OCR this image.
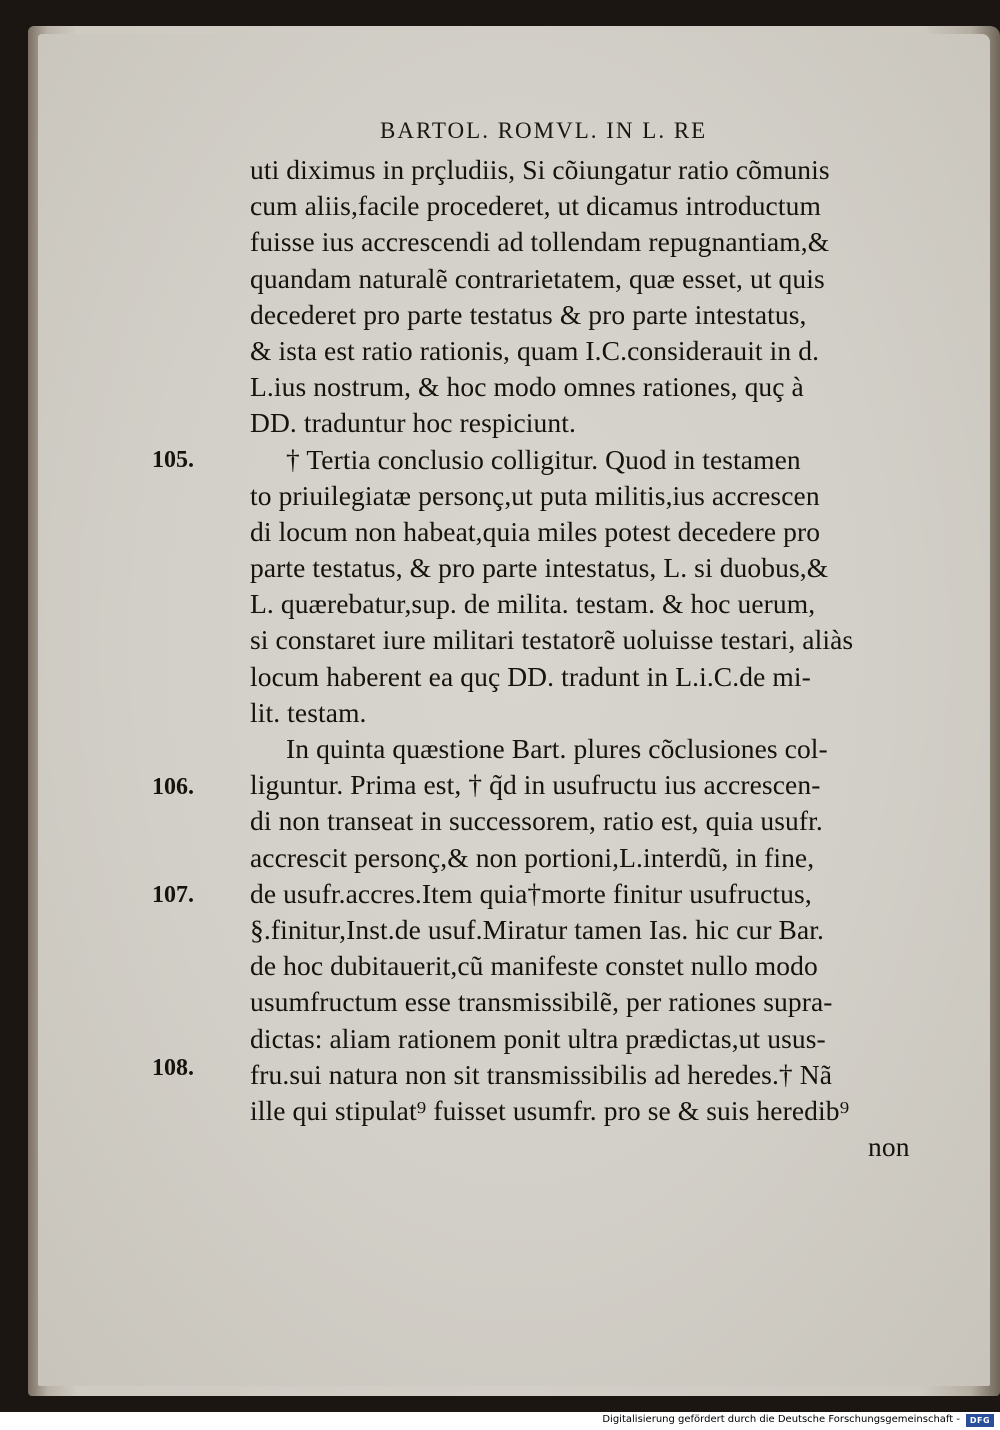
BARTOL. ROMVL. IN L. RE
105.
106.
107.
108.
uti diximus in prçludiis, Si cõiungatur ratio cõmunis
cum aliis,facile procederet, ut dicamus introductum
fuisse ius accrescendi ad tollendam repugnantiam,&
quandam naturalẽ contrarietatem, quæ esset, ut quis
decederet pro parte testatus & pro parte intestatus,
& ista est ratio rationis, quam I.C.considerauit in d.
L.ius nostrum, & hoc modo omnes rationes, quç à
DD. traduntur hoc respiciunt.
† Tertia conclusio colligitur. Quod in testamen
to priuilegiatæ personç,ut puta militis,ius accrescen
di locum non habeat,quia miles potest decedere pro
parte testatus, & pro parte intestatus, L. si duobus,&
L. quærebatur,sup. de milita. testam. & hoc uerum,
si constaret iure militari testatorẽ uoluisse testari, aliàs
locum haberent ea quç DD. tradunt in L.i.C.de mi-
lit. testam.
In quinta quæstione Bart. plures cõclusiones col-
liguntur. Prima est, † q̃d in usufructu ius accrescen-
di non transeat in successorem, ratio est, quia usufr.
accrescit personç,& non portioni,L.interdũ, in fine,
de usufr.accres.Item quia†morte finitur usufructus,
§.finitur,Inst.de usuf.Miratur tamen Ias. hic cur Bar.
de hoc dubitauerit,cũ manifeste constet nullo modo
usumfructum esse transmissibilẽ, per rationes supra-
dictas: aliam rationem ponit ultra prædictas,ut usus-
fru.sui natura non sit transmissibilis ad heredes.† Nã
ille qui stipulat⁹ fuisset usumfr. pro se & suis heredib⁹
non
Digitalisierung gefördert durch die Deutsche Forschungsgemeinschaft -	DFG
